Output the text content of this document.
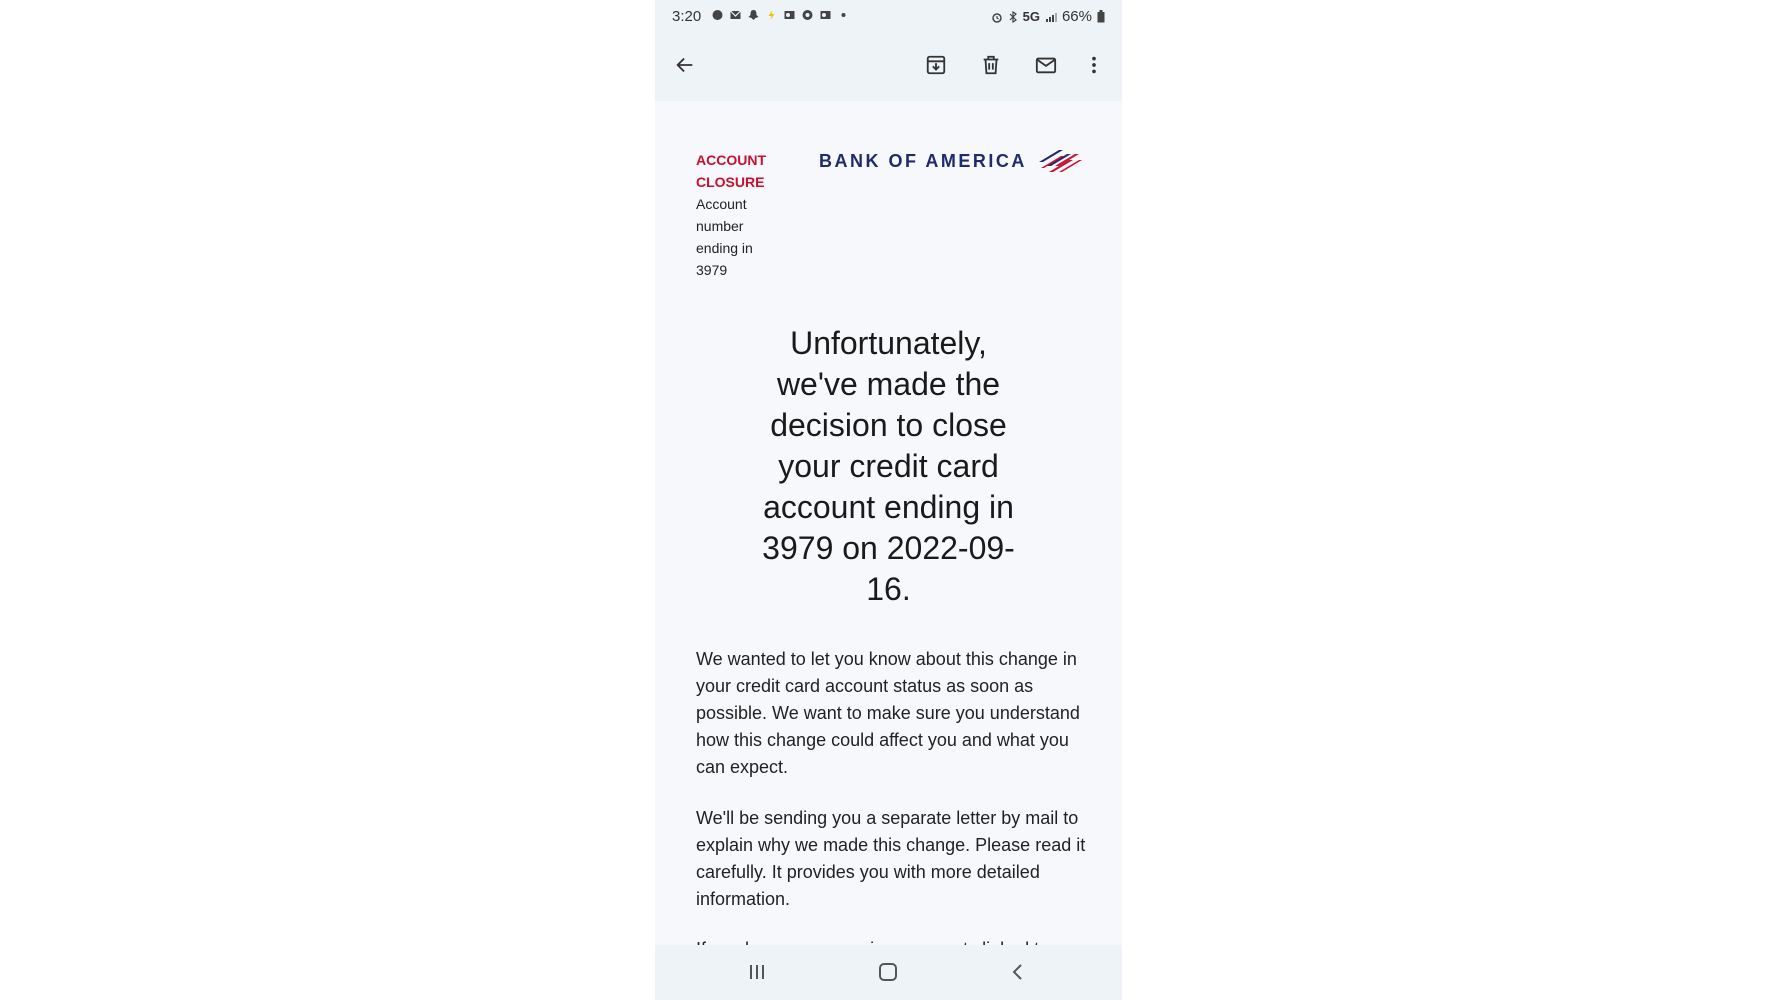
3:20	5G 66%
ACCOUNT CLOSURE
Account number ending in 3979
BANK OF AMERICA
Unfortunately, we've made the decision to close your credit card account ending in 3979 on 2022-09-16.

We wanted to let you know about this change in your credit card account status as soon as possible. We want to make sure you understand how this change could affect you and what you can expect.

We'll be sending you a separate letter by mail to explain why we made this change. Please read it carefully. It provides you with more detailed information.
